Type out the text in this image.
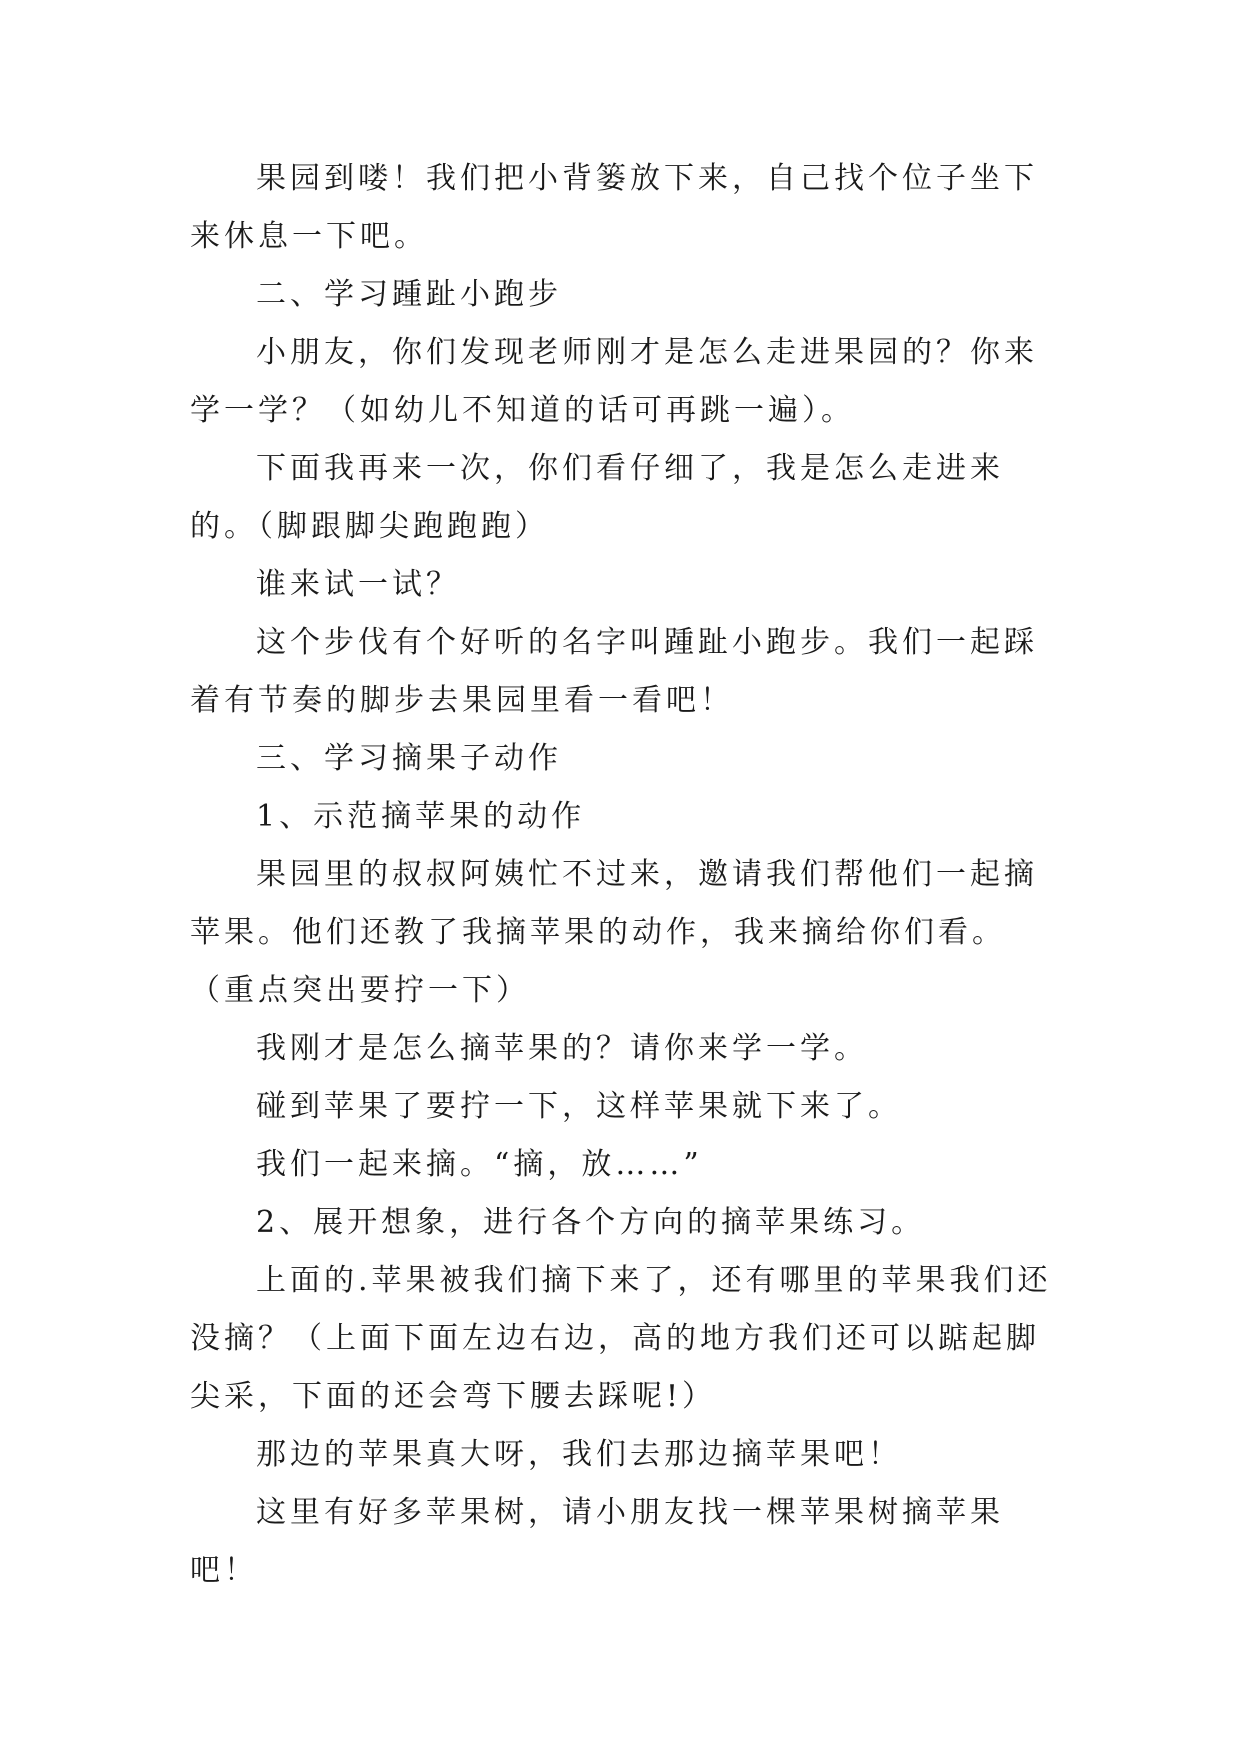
果园到喽！我们把小背篓放下来，自己找个位子坐下来休息一下吧。

二、学习踵趾小跑步

小朋友，你们发现老师刚才是怎么走进果园的？你来学一学？（如幼儿不知道的话可再跳一遍）。

下面我再来一次，你们看仔细了，我是怎么走进来的。（脚跟脚尖跑跑跑）

谁来试一试？

这个步伐有个好听的名字叫踵趾小跑步。我们一起踩着有节奏的脚步去果园里看一看吧！

三、学习摘果子动作

1、示范摘苹果的动作

果园里的叔叔阿姨忙不过来，邀请我们帮他们一起摘苹果。他们还教了我摘苹果的动作，我来摘给你们看。（重点突出要拧一下）

我刚才是怎么摘苹果的？请你来学一学。

碰到苹果了要拧一下，这样苹果就下来了。

我们一起来摘。“摘，放……”

2、展开想象，进行各个方向的摘苹果练习。

上面的.苹果被我们摘下来了，还有哪里的苹果我们还没摘？（上面下面左边右边，高的地方我们还可以踮起脚尖采，下面的还会弯下腰去踩呢!）

那边的苹果真大呀，我们去那边摘苹果吧！

这里有好多苹果树，请小朋友找一棵苹果树摘苹果吧！
